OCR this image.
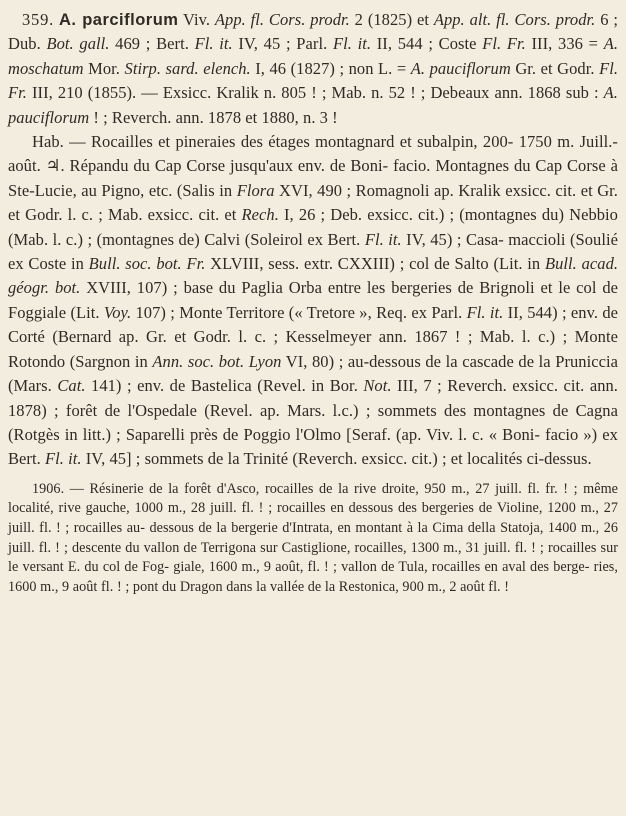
359. A. parciflorum Viv. App. fl. Cors. prodr. 2 (1825) et App. alt. fl. Cors. prodr. 6 ; Dub. Bot. gall. 469 ; Bert. Fl. it. IV, 45 ; Parl. Fl. it. II, 544 ; Coste Fl. Fr. III, 336 = A. moschatum Mor. Stirp. sard. elench. I, 46 (1827) ; non L. = A. pauciflorum Gr. et Godr. Fl. Fr. III, 210 (1855). — Exsicc. Kralik n. 805 ! ; Mab. n. 52 ! ; Debeaux ann. 1868 sub : A. pauciflorum ! ; Reverch. ann. 1878 et 1880, n. 3 !

Hab. — Rocailles et pineraies des étages montagnard et subalpin, 200- 1750 m. Juill.-août. ♃. Répandu du Cap Corse jusqu'aux env. de Boni- facio. Montagnes du Cap Corse à Ste-Lucie, au Pigno, etc. (Salis in Flora XVI, 490 ; Romagnoli ap. Kralik exsicc. cit. et Gr. et Godr. l. c. ; Mab. exsicc. cit. et Rech. I, 26 ; Deb. exsicc. cit.) ; (montagnes du) Nebbio (Mab. l. c.) ; (montagnes de) Calvi (Soleirol ex Bert. Fl. it. IV, 45) ; Casa- maccioli (Soulié ex Coste in Bull. soc. bot. Fr. XLVIII, sess. extr. CXXIII) ; col de Salto (Lit. in Bull. acad. géogr. bot. XVIII, 107) ; base du Paglia Orba entre les bergeries de Brignoli et le col de Foggiale (Lit. Voy. 107) ; Monte Territore (« Tretore », Req. ex Parl. Fl. it. II, 544) ; env. de Corté (Bernard ap. Gr. et Godr. l. c. ; Kesselmeyer ann. 1867 ! ; Mab. l. c.) ; Monte Rotondo (Sargnon in Ann. soc. bot. Lyon VI, 80) ; au-dessous de la cascade de la Pruniccia (Mars. Cat. 141) ; env. de Bastelica (Revel. in Bor. Not. III, 7 ; Reverch. exsicc. cit. ann. 1878) ; forêt de l'Ospedale (Revel. ap. Mars. l.c.) ; sommets des montagnes de Cagna (Rotgès in litt.) ; Saparelli près de Poggio l'Olmo [Seraf. (ap. Viv. l. c. « Boni- facio ») ex Bert. Fl. it. IV, 45] ; sommets de la Trinité (Reverch. exsicc. cit.) ; et localités ci-dessus.

1906. — Résinerie de la forêt d'Asco, rocailles de la rive droite, 950 m., 27 juill. fl. fr. ! ; même localité, rive gauche, 1000 m., 28 juill. fl. ! ; rocailles en dessous des bergeries de Violine, 1200 m., 27 juill. fl. ! ; rocailles au- dessous de la bergerie d'Intrata, en montant à la Cima della Statoja, 1400 m., 26 juill. fl. ! ; descente du vallon de Terrigona sur Castiglione, rocailles, 1300 m., 31 juill. fl. ! ; rocailles sur le versant E. du col de Fog- giale, 1600 m., 9 août, fl. ! ; vallon de Tula, rocailles en aval des berge- ries, 1600 m., 9 août fl. ! ; pont du Dragon dans la vallée de la Restonica, 900 m., 2 août fl. !
